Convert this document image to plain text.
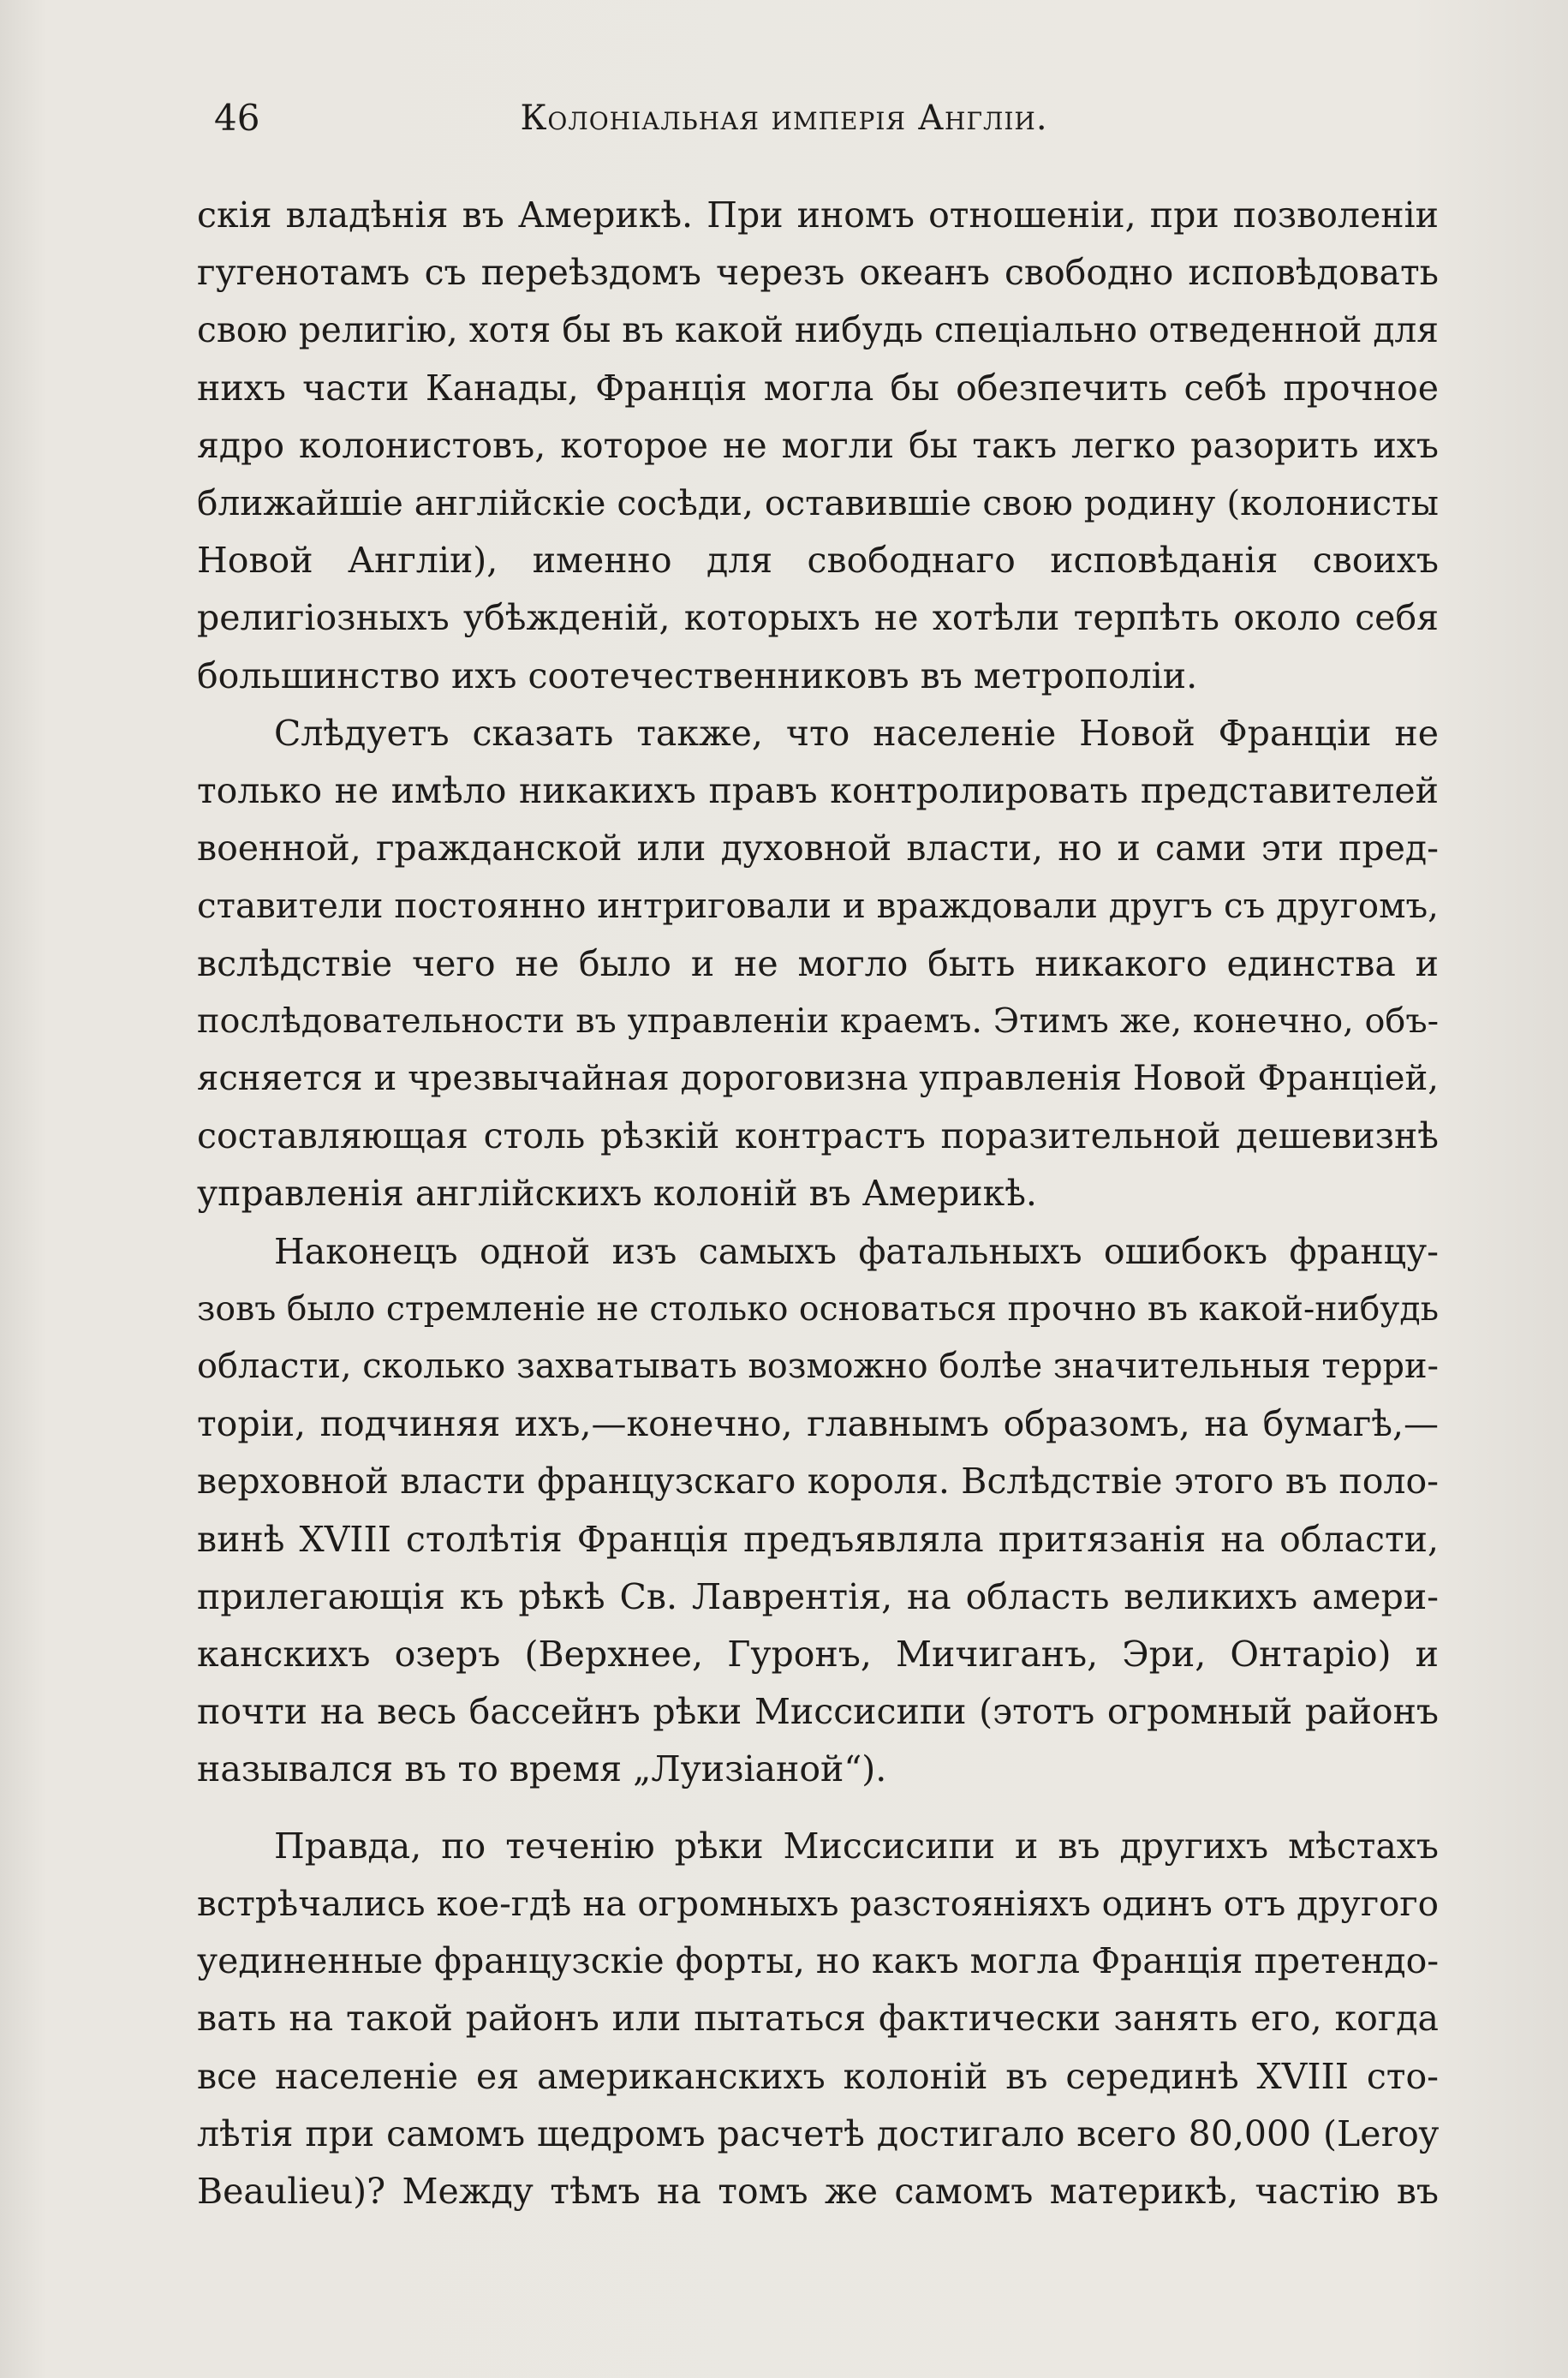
46	Колоніальная имперія Англіи.

скія владѣнія въ Америкѣ. При иномъ отношеніи, при позволеніи
гугенотамъ съ переѣздомъ черезъ океанъ свободно исповѣдовать
свою религію, хотя бы въ какой нибудь спеціально отведенной для
нихъ части Канады, Франція могла бы обезпечить себѣ прочное
ядро колонистовъ, которое не могли бы такъ легко разорить ихъ
ближайшіе англійскіе сосѣди, оставившіе свою родину (колонисты
Новой Англіи), именно для свободнаго исповѣданія своихъ
религіозныхъ убѣжденій, которыхъ не хотѣли терпѣть около себя
большинство ихъ соотечественниковъ въ метрополіи.

Слѣдуетъ сказать также, что населеніе Новой Франціи не
только не имѣло никакихъ правъ контролировать представителей
военной, гражданской или духовной власти, но и сами эти пред-
ставители постоянно интриговали и враждовали другъ съ другомъ,
вслѣдствіе чего не было и не могло быть никакого единства и
послѣдовательности въ управленіи краемъ. Этимъ же, конечно, объ-
ясняется и чрезвычайная дороговизна управленія Новой Франціей,
составляющая столь рѣзкій контрастъ поразительной дешевизнѣ
управленія англійскихъ колоній въ Америкѣ.

Наконецъ одной изъ самыхъ фатальныхъ ошибокъ францу-
зовъ было стремленіе не столько основаться прочно въ какой-нибудь
области, сколько захватывать возможно болѣе значительныя терри-
торіи, подчиняя ихъ,—конечно, главнымъ образомъ, на бумагѣ,—
верховной власти французскаго короля. Вслѣдствіе этого въ поло-
винѣ XVIII столѣтія Франція предъявляла притязанія на области,
прилегающія къ рѣкѣ Св. Лаврентія, на область великихъ амери-
канскихъ озеръ (Верхнее, Гуронъ, Мичиганъ, Эри, Онтаріо) и
почти на весь бассейнъ рѣки Миссисипи (этотъ огромный районъ
назывался въ то время „Луизіаной“).

Правда, по теченію рѣки Миссисипи и въ другихъ мѣстахъ
встрѣчались кое-гдѣ на огромныхъ разстояніяхъ одинъ отъ другого
уединенные французскіе форты, но какъ могла Франція претендо-
вать на такой районъ или пытаться фактически занять его, когда
все населеніе ея американскихъ колоній въ серединѣ XVIII сто-
лѣтія при самомъ щедромъ расчетѣ достигало всего 80,000 (Leroy
Beaulieu)? Между тѣмъ на томъ же самомъ материкѣ, частію въ
